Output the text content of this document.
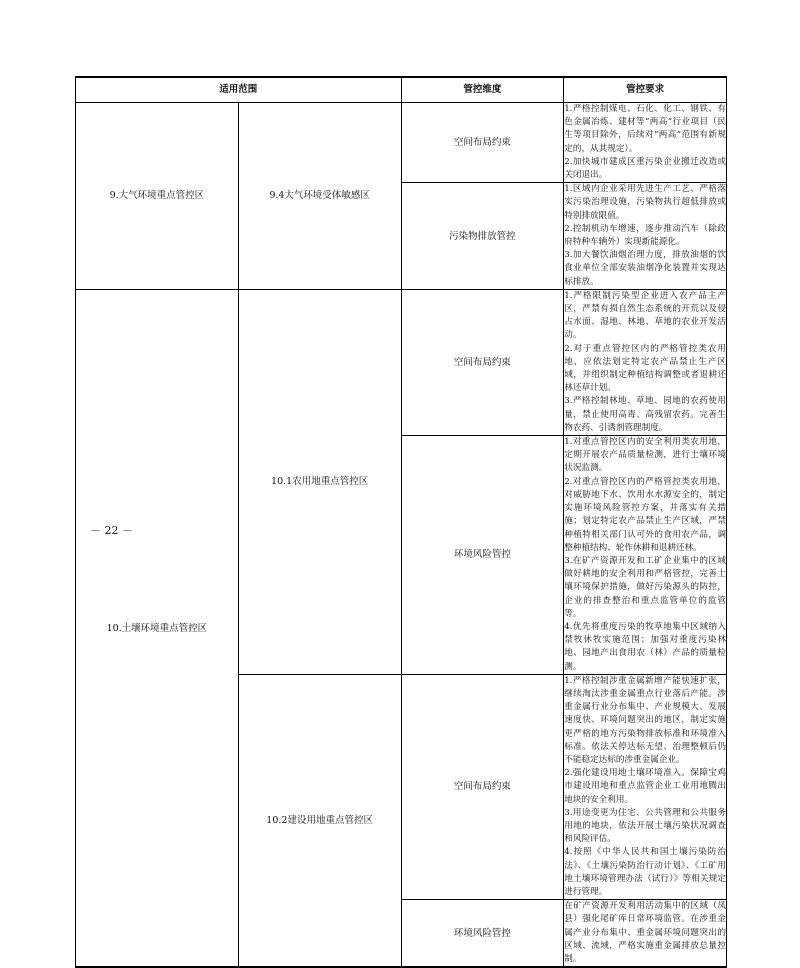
适用范围		管控维度	管控要求
9.大气环境重点管控区	9.4大气环境受体敏感区	空间布局约束	1.严格控制煤电、石化、化工、钢铁、有色金属冶炼、建材等“两高”行业项目（民生等项目除外，后续对“两高”范围有新规定的，从其规定）。
2.加快城市建成区重污染企业搬迁改造或关闭退出。

		污染物排放管控	1.区域内企业采用先进生产工艺、严格落实污染治理设施，污染物执行超低排放或特别排放限值。
2.控制机动车增速，逐步推动汽车（除政府特种车辆外）实现新能源化。
3.加大餐饮油烟治理力度，排放油烟的饮食业单位全部安装油烟净化装置并实现达标排放。

10.土壤环境重点管控区	10.1农用地重点管控区	空间布局约束	1.严格限制污染型企业进入农产品主产区，严禁有损自然生态系统的开荒以及侵占水面、湿地、林地、草地的农业开发活动。
2.对于重点管控区内的严格管控类农用地，应依法划定特定农产品禁止生产区域，并组织制定种植结构调整或者退耕还林还草计划。
3.严格控制林地、草地、园地的农药使用量，禁止使用高毒、高残留农药。完善生物农药、引诱剂管理制度。

		环境风险管控	1.对重点管控区内的安全利用类农用地，定期开展农产品质量检测，进行土壤环境状况监测。
2.对重点管控区内的严格管控类农用地，对威胁地下水、饮用水水源安全的，制定实施环境风险管控方案，并落实有关措施；划定特定农产品禁止生产区域，严禁种植特相关部门认可外的食用农产品，调整种植结构、轮作休耕和退耕还林。
3.在矿产资源开发和工矿企业集中的区域做好耕地的安全利用和严格管控，完善土壤环境保护措施，做好污染源头的防控，企业的排查整治和重点监管单位的监管等。
4.优先将重度污染的牧草地集中区域纳入禁牧休牧实施范围；加强对重度污染林地、园地产出食用农（林）产品的质量检测。

	10.2建设用地重点管控区	空间布局约束	1.严格控制涉重金属新增产能快速扩张，继续淘汰涉重金属重点行业落后产能。涉重金属行业分布集中、产业规模大、发展速度快、环境问题突出的地区，制定实施更严格的地方污染物排放标准和环境准入标准。依法关停达标无望、治理整顿后仍不能稳定达标的涉重金属企业。
2.强化建设用地土壤环境准入。保障宝鸡市建设用地和重点监管企业工业用地腾出地块的安全利用。
3.用途变更为住宅、公共管理和公共服务用地的地块，依法开展土壤污染状况调查和风险评估。
4.按照《中华人民共和国土壤污染防治法》、《土壤污染防治行动计划》、《工矿用地土壤环境管理办法（试行）》等相关规定进行管理。

		环境风险管控	在矿产资源开发利用活动集中的区域（凤县）强化尾矿库日常环境监管。在涉重金属产业分布集中、重金属环境问题突出的区域、流域，严格实施重金属排放总量控制。
－ 22 －
